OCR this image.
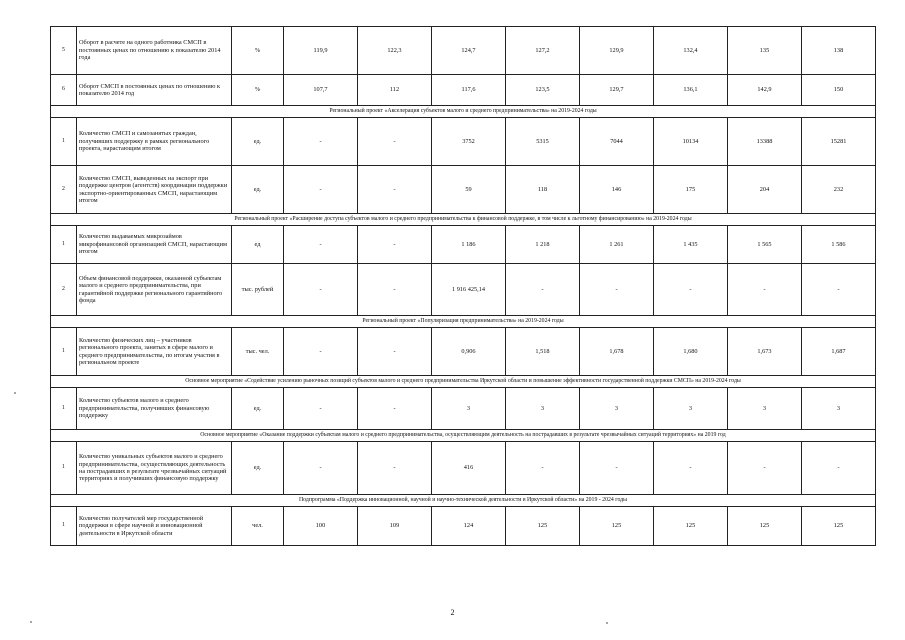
5	Оборот в расчете на одного работника СМСП в постоянных ценах по отношению к показателю 2014 года	%	119,9	122,3	124,7	127,2	129,9	132,4	135	138
6	Оборот СМСП в постоянных ценах по отношению к показателю 2014 год	%	107,7	112	117,6	123,5	129,7	136,1	142,9	150
Региональный проект «Акселерация субъектов малого и среднего предпринимательства» на 2019-2024 годы										
1	Количество СМСП и самозанятых граждан, получивших поддержку в рамках регионального проекта, нарастающим итогом	ед.	-	-	3752	5315	7044	10134	13388	15281
2	Количество СМСП, выведенных на экспорт при поддержке центров (агентств) координации поддержки экспортно-ориентированных СМСП, нарастающим итогом	ед.	-	-	59	118	146	175	204	232
Региональный проект «Расширение доступа субъектов малого и среднего предпринимательства к финансовой поддержке, в том числе к льготному финансированию» на 2019-2024 годы										
1	Количество выдаваемых микрозаймов микрофинансовой организацией СМСП, нарастающим итогом	ед	-	-	1 186	1 218	1 261	1 435	1 565	1 586
2	Объем финансовой поддержки, оказанной субъектам малого и среднего предпринимательства, при гарантийной поддержке регионального гарантийного фонда	тыс. рублей	-	-	1 916 425,14	-	-	-	-	-
Региональный проект «Популяризация предпринимательства» на 2019-2024 годы										
1	Количество физических лиц – участников регионального проекта, занятых в сфере малого и среднего предпринимательства, по итогам участия в региональном проекте	тыс. чел.	-	-	0,906	1,518	1,678	1,680	1,673	1,687
Основное мероприятие «Содействие усилению рыночных позиций субъектов малого и среднего предпринимательства Иркутской области и повышение эффективности государственной поддержки СМСП» на 2019-2024 годы										
1	Количество субъектов малого и среднего предпринимательства, получивших финансовую поддержку	ед.	-	-	3	3	3	3	3	3
Основное мероприятие «Оказание поддержки субъектам малого и среднего предпринимательства, осуществляющим деятельность на пострадавших в результате чрезвычайных ситуаций территориях» на 2019 год										
1	Количество уникальных субъектов малого и среднего предпринимательства, осуществляющих деятельность на пострадавших в результате чрезвычайных ситуаций территориях и получивших финансовую поддержку	ед.	-	-	416	-	-	-	-	-
Подпрограмма «Поддержка инновационной, научной и научно-технической деятельности в Иркутской области» на 2019 - 2024 годы										
1	Количество получателей мер государственной поддержки в сфере научной и инновационной деятельности в Иркутской области	чел.	100	109	124	125	125	125	125	125
2
